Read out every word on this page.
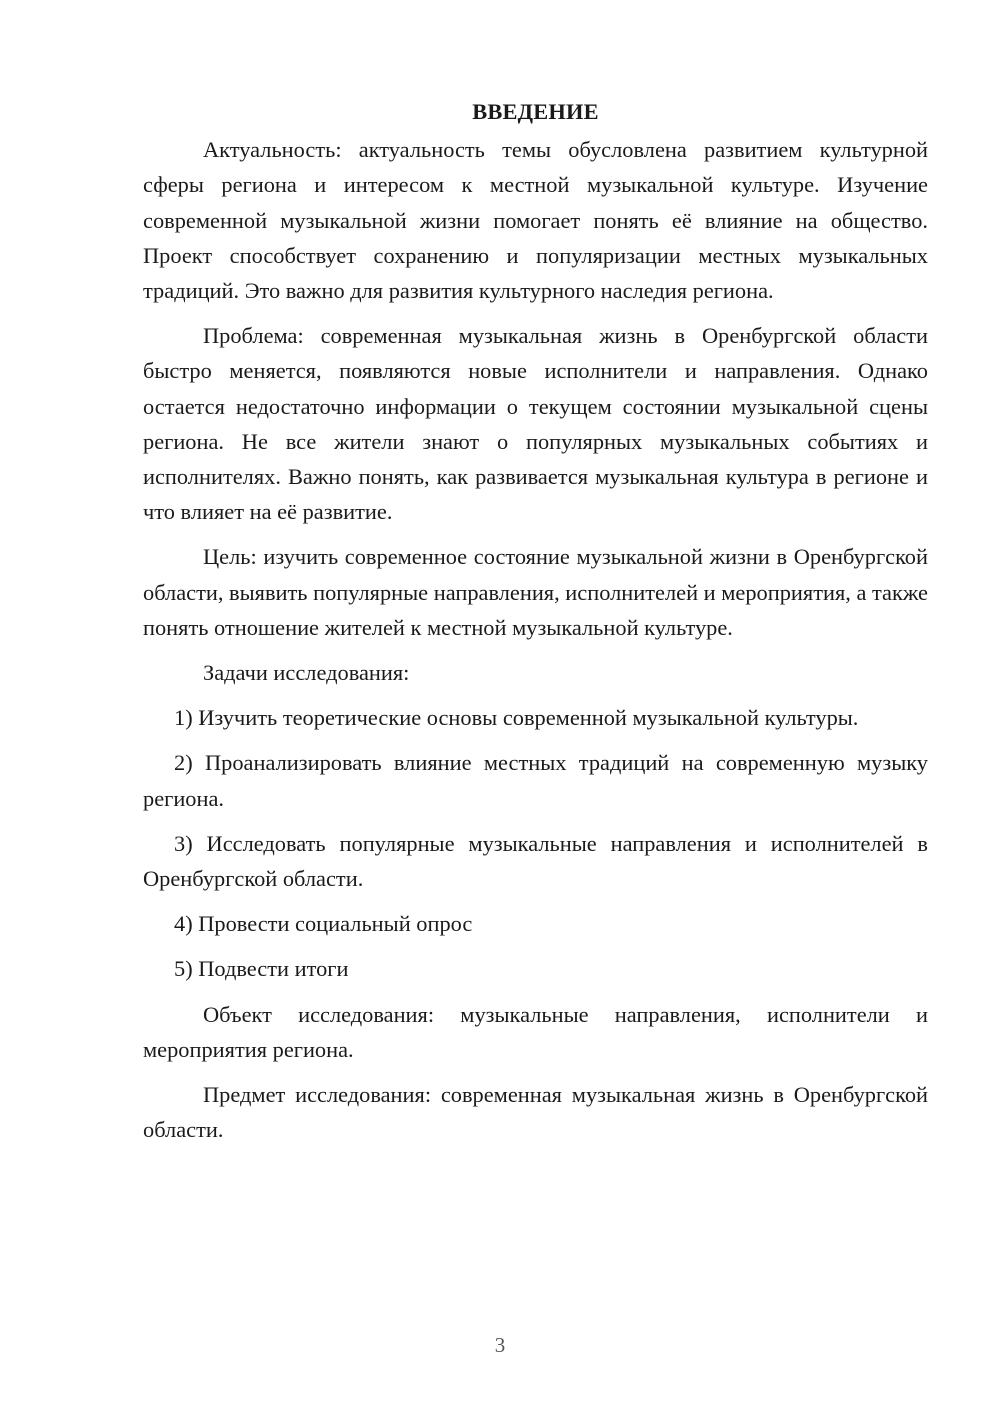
ВВЕДЕНИЕ

Актуальность: актуальность темы обусловлена развитием культурной сферы региона и интересом к местной музыкальной культуре. Изучение современной музыкальной жизни помогает понять её влияние на общество. Проект способствует сохранению и популяризации местных музыкальных традиций. Это важно для развития культурного наследия региона.

Проблема: современная музыкальная жизнь в Оренбургской области быстро меняется, появляются новые исполнители и направления. Однако остается недостаточно информации о текущем состоянии музыкальной сцены региона. Не все жители знают о популярных музыкальных событиях и исполнителях. Важно понять, как развивается музыкальная культура в регионе и что влияет на её развитие.

Цель: изучить современное состояние музыкальной жизни в Оренбургской области, выявить популярные направления, исполнителей и мероприятия, а также понять отношение жителей к местной музыкальной культуре.

Задачи исследования:

1) Изучить теоретические основы современной музыкальной культуры.

2) Проанализировать влияние местных традиций на современную музыку региона.

3) Исследовать популярные музыкальные направления и исполнителей в Оренбургской области.

4) Провести социальный опрос

5) Подвести итоги

Объект исследования: музыкальные направления, исполнители и мероприятия региона.

Предмет исследования: современная музыкальная жизнь в Оренбургской области.

3
